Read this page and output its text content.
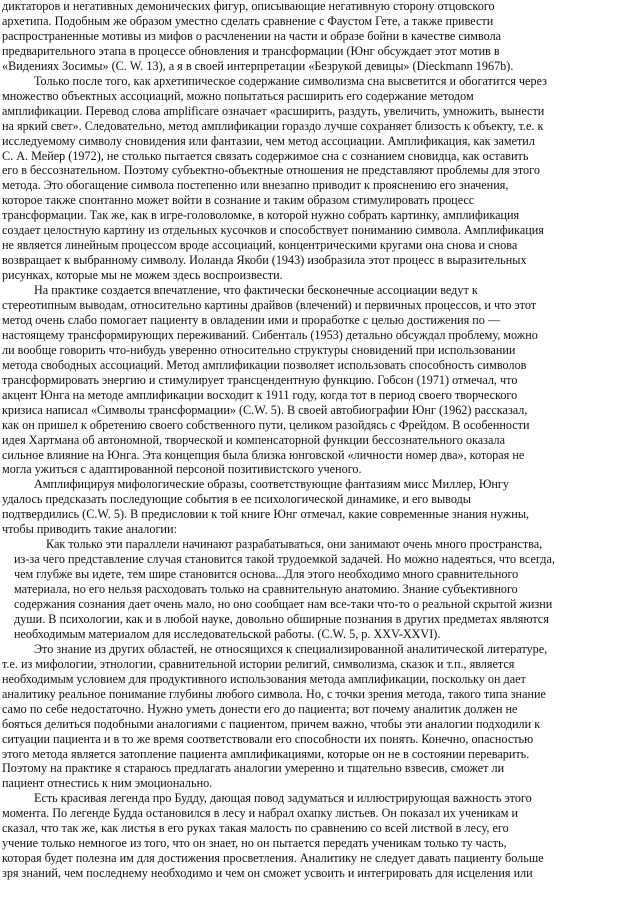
диктаторов и негативных демонических фигур, описывающие негативную сторону отцовского
архетипа. Подобным же образом уместно сделать сравнение с Фаустом Гете, а также привести
распространенные мотивы из мифов о расчленении на части и образе бойни в качестве символа
предварительного этапа в процессе обновления и трансформации (Юнг обсуждает этот мотив в
«Видениях Зосимы» (С. W. 13), а я в своей интерпретации «Безрукой девицы» (Dieckmann 1967b).
Только после того, как архетипическое содержание символизма сна высветится и обогатится через
множество объектных ассоциаций, можно попытаться расширить его содержание методом
амплификации. Перевод слова amplificare означает «расширить, раздуть, увеличить, умножить, вынести
на яркий свет». Следовательно, метод амплификации гораздо лучше сохраняет близость к объекту, т.е. к
исследуемому символу сновидения или фантазии, чем метод ассоциации. Амплификация, как заметил
С. А. Мейер (1972), не столько пытается связать содержимое сна с сознанием сновидца, как оставить
его в бессознательном. Поэтому субъектно-объектные отношения не представляют проблемы для этого
метода. Это обогащение символа постепенно или внезапно приводит к прояснению его значения,
которое также спонтанно может войти в сознание и таким образом стимулировать процесс
трансформации. Так же, как в игре-головоломке, в которой нужно собрать картинку, амплификация
создает целостную картину из отдельных кусочков и способствует пониманию символа. Амплификация
не является линейным процессом вроде ассоциаций, концентрическими кругами она снова и снова
возвращает к выбранному символу. Иоланда Якоби (1943) изобразила этот процесс в выразительных
рисунках, которые мы не можем здесь воспроизвести.
На практике создается впечатление, что фактически бесконечные ассоциации ведут к
стереотипным выводам, относительно картины драйвов (влечений) и первичных процессов, и что этот
метод очень слабо помогает пациенту в овладении ими и проработке с целью достижения по —
настоящему трансформирующих переживаний. Сибенталь (1953) детально обсуждал проблему, можно
ли вообще говорить что-нибудь уверенно относительно структуры сновидений при использовании
метода свободных ассоциаций. Метод амплификации позволяет использовать способность символов
трансформировать энергию и стимулирует трансцендентную функцию. Гобсон (1971) отмечал, что
акцент Юнга на методе амплификации восходит к 1911 году, когда тот в период своего творческого
кризиса написал «Символы трансформации» (C.W. 5). В своей автобиографии Юнг (1962) рассказал,
как он пришел к обретению своего собственного пути, целиком разойдясь с Фрейдом. В особенности
идея Хартмана об автономной, творческой и компенсаторной функции бессознательного оказала
сильное влияние на Юнга. Эта концепция была близка юнговской «личности номер два», которая не
могла ужиться с адаптированной персоной позитивистского ученого.
Амплифицируя мифологические образы, соответствующие фантазиям мисс Миллер, Юнгу
удалось предсказать последующие события в ее психологической динамике, и его выводы
подтвердились (C.W. 5). В предисловии к той книге Юнг отмечал, какие современные знания нужны,
чтобы приводить такие аналогии:
Как только эти параллели начинают разрабатываться, они занимают очень много пространства,
из-за чего представление случая становится такой трудоемкой задачей. Но можно надеяться, что всегда,
чем глубже вы идете, тем шире становится основа...Для этого необходимо много сравнительного
материала, но его нельзя расходовать только на сравнительную анатомию. Знание субъективного
содержания сознания дает очень мало, но оно сообщает нам все-таки что-то о реальной скрытой жизни
души. В психологии, как и в любой науке, довольно обширные познания в других предметах являются
необходимым материалом для исследовательской работы. (C.W. 5, p. XXV-XXVI).
Это знание из других областей, не относящихся к специализированной аналитической литературе,
т.е. из мифологии, этнологии, сравнительной истории религий, символизма, сказок и т.п., является
необходимым условием для продуктивного использования метода амплификации, поскольку он дает
аналитику реальное понимание глубины любого символа. Но, с точки зрения метода, такого типа знание
само по себе недостаточно. Нужно уметь донести его до пациента; вот почему аналитик должен не
бояться делиться подобными аналогиями с пациентом, причем важно, чтобы эти аналогии подходили к
ситуации пациента и в то же время соответствовали его способности их понять. Конечно, опасностью
этого метода является затопление пациента амплификациями, которые он не в состоянии переварить.
Поэтому на практике я стараюсь предлагать аналогии умеренно и тщательно взвесив, сможет ли
пациент отнестись к ним эмоционально.
Есть красивая легенда про Будду, дающая повод задуматься и иллюстрирующая важность этого
момента. По легенде Будда остановился в лесу и набрал охапку листьев. Он показал их ученикам и
сказал, что так же, как листья в его руках такая малость по сравнению со всей листвой в лесу, его
учение только немногое из того, что он знает, но он пытается передать ученикам только ту часть,
которая будет полезна им для достижения просветления. Аналитику не следует давать пациенту больше
зря знаний, чем последнему необходимо и чем он сможет усвоить и интегрировать для исцеления или
